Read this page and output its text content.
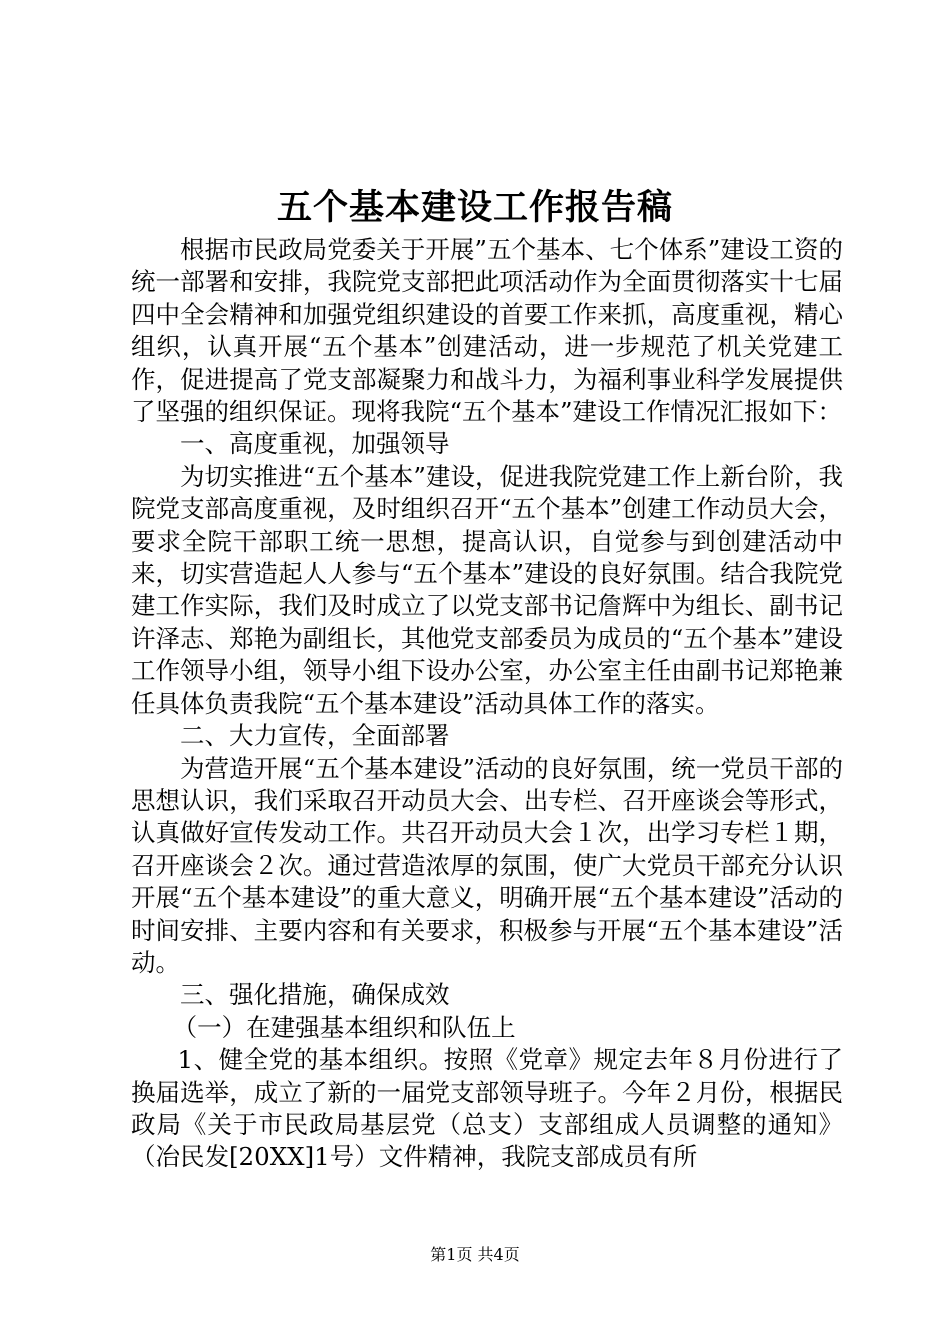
五个基本建设工作报告稿

根据市民政局党委关于开展”五个基本、七个体系”建设工资的统一部署和安排，我院党支部把此项活动作为全面贯彻落实十七届四中全会精神和加强党组织建设的首要工作来抓，高度重视，精心组织，认真开展“五个基本”创建活动，进一步规范了机关党建工作，促进提高了党支部凝聚力和战斗力，为福利事业科学发展提供了坚强的组织保证。现将我院“五个基本”建设工作情况汇报如下：

一、高度重视，加强领导

为切实推进“五个基本”建设，促进我院党建工作上新台阶，我院党支部高度重视，及时组织召开“五个基本”创建工作动员大会，要求全院干部职工统一思想，提高认识，自觉参与到创建活动中来，切实营造起人人参与“五个基本”建设的良好氛围。结合我院党建工作实际，我们及时成立了以党支部书记詹辉中为组长、副书记许泽志、郑艳为副组长，其他党支部委员为成员的“五个基本”建设工作领导小组，领导小组下设办公室，办公室主任由副书记郑艳兼任具体负责我院“五个基本建设”活动具体工作的落实。

二、大力宣传，全面部署

为营造开展“五个基本建设”活动的良好氛围，统一党员干部的思想认识，我们采取召开动员大会、出专栏、召开座谈会等形式，认真做好宣传发动工作。共召开动员大会１次，出学习专栏１期，召开座谈会２次。通过营造浓厚的氛围，使广大党员干部充分认识开展“五个基本建设”的重大意义，明确开展“五个基本建设”活动的时间安排、主要内容和有关要求，积极参与开展“五个基本建设”活动。

三、强化措施，确保成效

（一）在建强基本组织和队伍上

1、健全党的基本组织。按照《党章》规定去年８月份进行了换届选举，成立了新的一届党支部领导班子。今年２月份，根据民政局《关于市民政局基层党（总支）支部组成人员调整的通知》（冶民发[20XX]1号）文件精神，我院支部成员有所

第1页 共4页
